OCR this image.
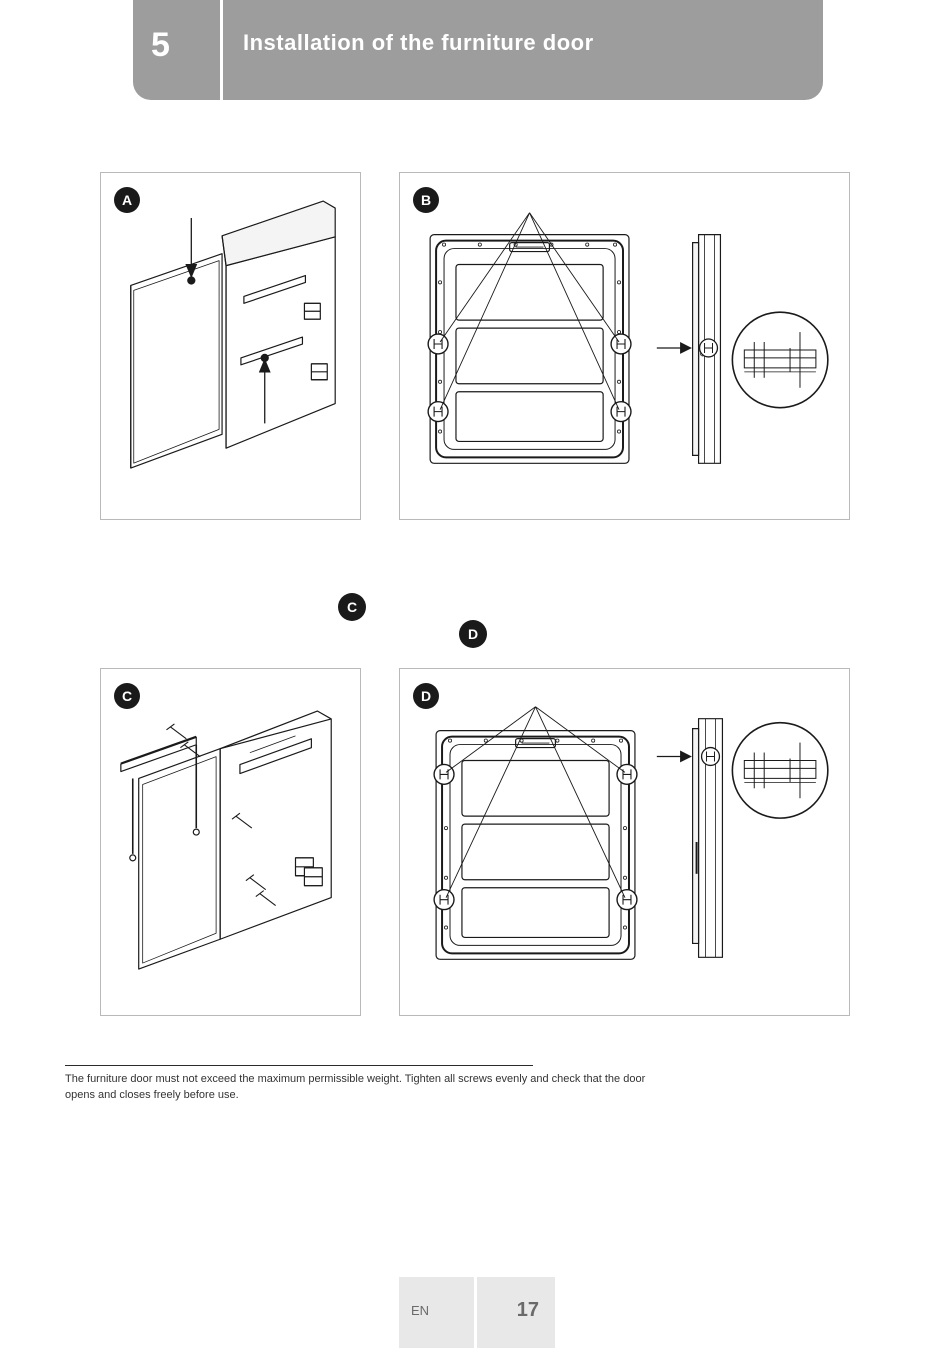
5	Installation of the furniture door
A	B
C
D
C	D
The furniture door must not exceed the maximum permissible weight. Tighten all screws evenly and check that the door opens and closes freely before use.
EN	17
